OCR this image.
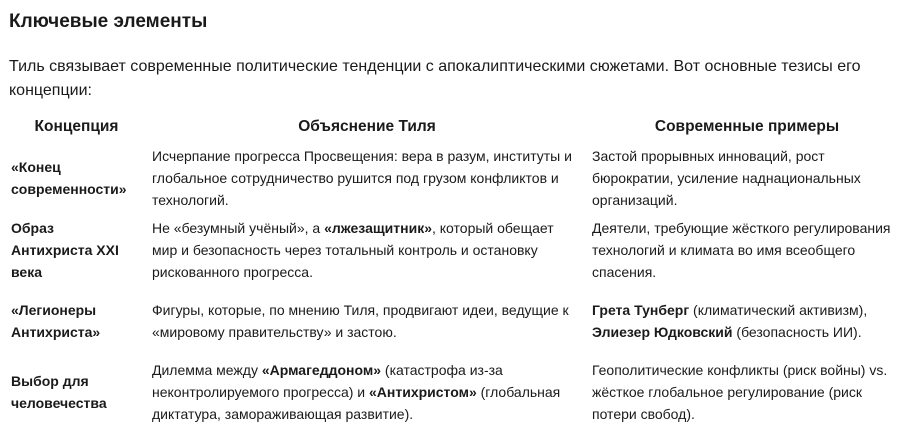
Ключевые элементы

Тиль связывает современные политические тенденции с апокалиптическими сюжетами. Вот основные тезисы его концепции:

Концепция	Объяснение Тиля	Современные примеры
«Конец современности»	Исчерпание прогресса Просвещения: вера в разум, институты и глобальное сотрудничество рушится под грузом конфликтов и технологий.	Застой прорывных инноваций, рост бюрократии, усиление наднациональных организаций.
Образ Антихриста XXI века	Не «безумный учёный», а «лжезащитник», который обещает мир и безопасность через тотальный контроль и остановку рискованного прогресса.	Деятели, требующие жёсткого регулирования технологий и климата во имя всеобщего спасения.
«Легионеры Антихриста»	Фигуры, которые, по мнению Тиля, продвигают идеи, ведущие к «мировому правительству» и застою.	Грета Тунберг (климатический активизм), Элиезер Юдковский (безопасность ИИ).
Выбор для человечества	Дилемма между «Армагеддоном» (катастрофа из-за неконтролируемого прогресса) и «Антихристом» (глобальная диктатура, замораживающая развитие).	Геополитические конфликты (риск войны) vs. жёсткое глобальное регулирование (риск потери свобод).
